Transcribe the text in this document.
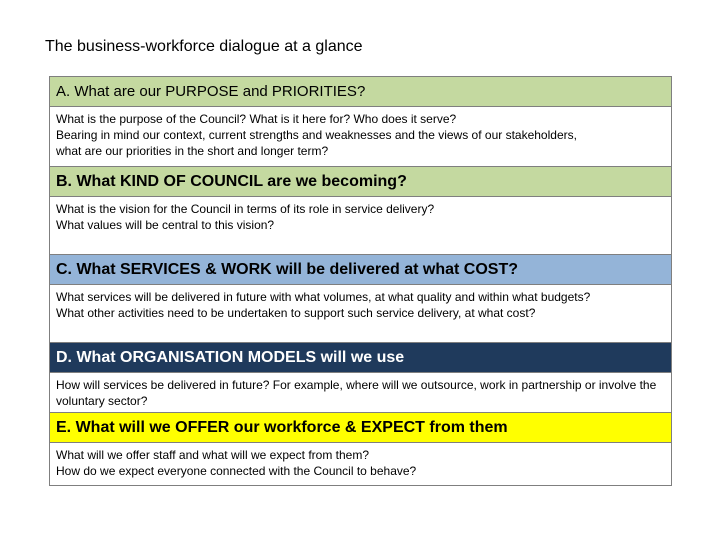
The business-workforce dialogue at a glance
A. What are our PURPOSE and PRIORITIES?
What is the purpose of the Council? What is it here for? Who does it serve?
Bearing in mind our context, current strengths and weaknesses and the views of our stakeholders,
what are our priorities in the short and longer term?
B. What KIND OF COUNCIL are we becoming?
What is the vision for the Council in terms of its role in service delivery?
What values will be central to this vision?
C. What SERVICES & WORK will be delivered at what COST?
What services will be delivered in future with what volumes, at what quality and within what budgets?
What other activities need to be undertaken to support such service delivery, at what cost?
D. What ORGANISATION MODELS will we use
How will services be delivered in future? For example, where will we outsource, work in partnership or involve the voluntary sector?
E. What will we OFFER our workforce & EXPECT from them
What will we offer staff and what will we expect from them?
How do we expect everyone connected with the Council to behave?
